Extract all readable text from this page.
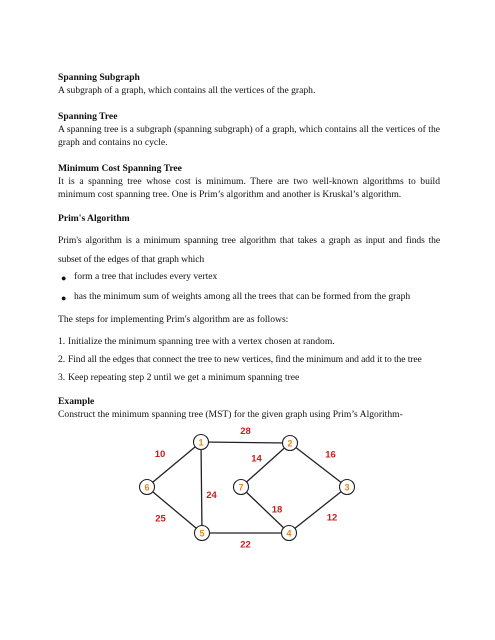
Spanning Subgraph
A subgraph of a graph, which contains all the vertices of the graph.
Spanning Tree
A spanning tree is a subgraph (spanning subgraph) of a graph, which contains all the vertices of the graph and contains no cycle.
Minimum Cost Spanning Tree
It is a spanning tree whose cost is minimum. There are two well-known algorithms to build minimum cost spanning tree. One is Prim’s algorithm and another is Kruskal’s algorithm.
Prim's Algorithm
Prim's algorithm is a minimum spanning tree algorithm that takes a graph as input and finds the subset of the edges of that graph which
● form a tree that includes every vertex
● has the minimum sum of weights among all the trees that can be formed from the graph
The steps for implementing Prim's algorithm are as follows:
1. Initialize the minimum spanning tree with a vertex chosen at random.
2. Find all the edges that connect the tree to new vertices, find the minimum and add it to the tree
3. Keep repeating step 2 until we get a minimum spanning tree
Example
Construct the minimum spanning tree (MST) for the given graph using Prim’s Algorithm-
28
10
24
14	16
18
12
25
22
1	2
3
4
5
6	7
